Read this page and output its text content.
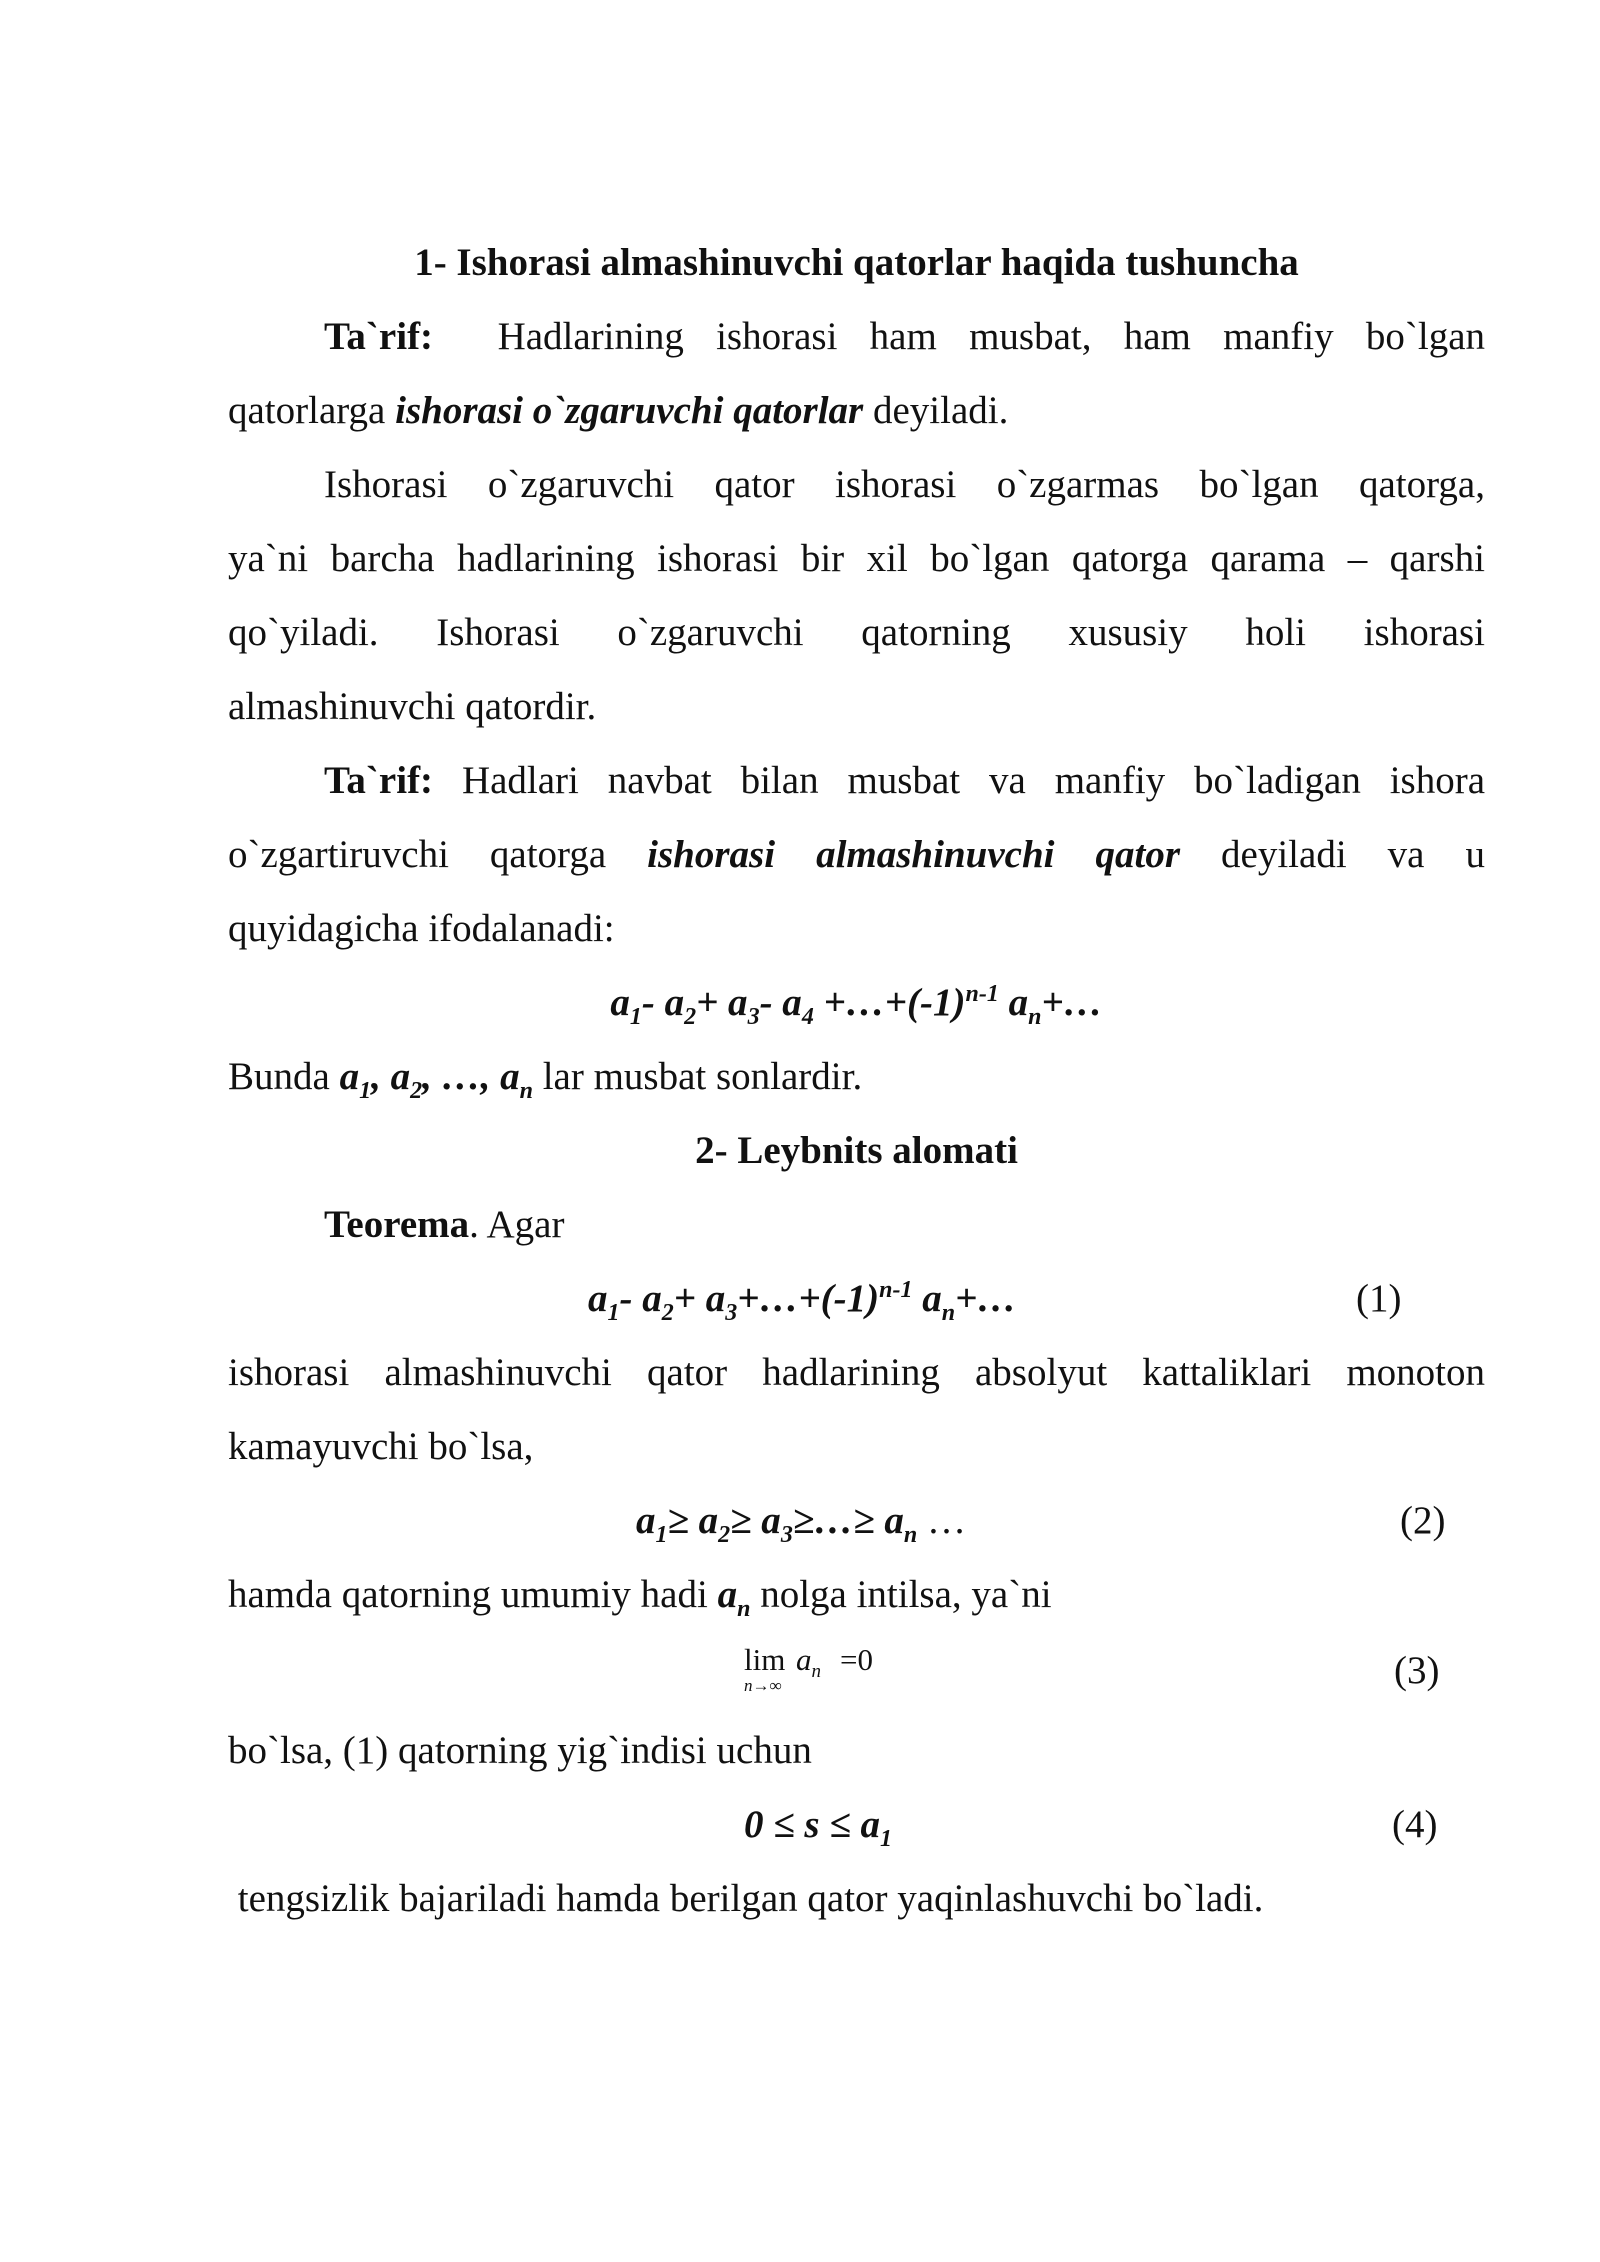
1- Ishorasi almashinuvchi qatorlar haqida tushuncha
Ta`rif: Hadlarining ishorasi ham musbat, ham manfiy bo`lgan
qatorlarga ishorasi o`zgaruvchi qatorlar deyiladi.
Ishorasi o`zgaruvchi qator ishorasi o`zgarmas bo`lgan qatorga,
ya`ni barcha hadlarining ishorasi bir xil bo`lgan qatorga qarama – qarshi
qo`yiladi. Ishorasi o`zgaruvchi qatorning xususiy holi ishorasi
almashinuvchi qatordir.
Ta`rif: Hadlari navbat bilan musbat va manfiy bo`ladigan ishora
o`zgartiruvchi qatorga ishorasi almashinuvchi qator deyiladi va u
quyidagicha ifodalanadi:
$a_1-$ $a_2+ a_3-$ $a_4$ $+\dots+(-1)^{n-1}$ $a_n+\dots$
Bunda $a_1$, $a_2$, …, $a_n$ lar musbat sonlardir.
2- Leybnits alomati
Teorema. Agar
$a_1-$ $a_2+$ $a_3+\dots+(-1)^{n-1}$ $a_n+\dots$	(1)
ishorasi almashinuvchi qator hadlarining absolyut kattaliklari monoton
kamayuvchi bo`lsa,
$a_1\ge a_2\ge$ $a_3\ge\dots\ge a_n$ …	(2)
hamda qatorning umumiy hadi $a_n$ nolga intilsa, ya`ni
$\lim a_n =0$
n→∞	(3)
bo`lsa, (1) qatorning yig`indisi uchun
$0 \le s \le a_1$	(4)
tengsizlik bajariladi hamda berilgan qator yaqinlashuvchi bo`ladi.
